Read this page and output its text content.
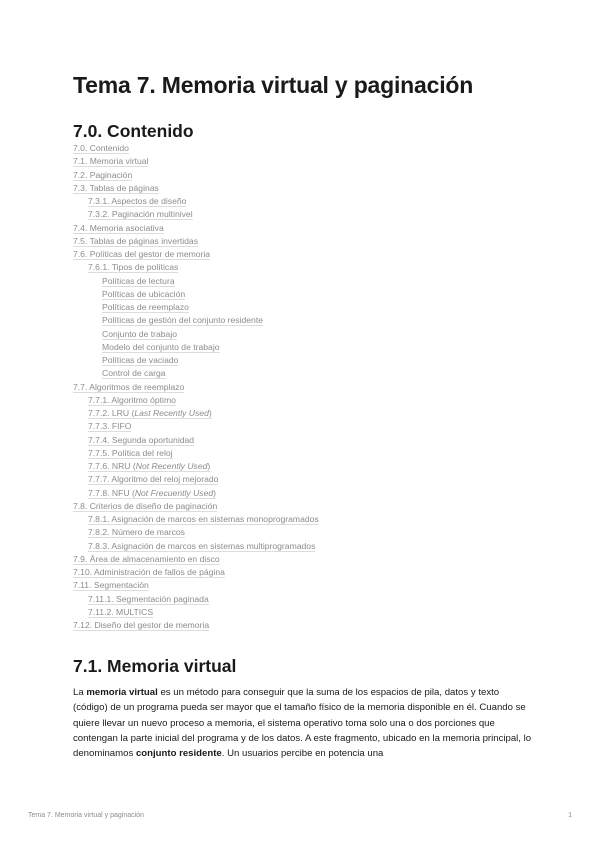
Tema 7. Memoria virtual y paginación
7.0. Contenido
7.0. Contenido
7.1. Memoria virtual
7.2. Paginación
7.3. Tablas de páginas
7.3.1. Aspectos de diseño
7.3.2. Paginación multinivel
7.4. Memoria asociativa
7.5. Tablas de páginas invertidas
7.6. Políticas del gestor de memoria
7.6.1. Tipos de políticas
Políticas de lectura
Políticas de ubicación
Políticas de reemplazo
Políticas de gestión del conjunto residente
Conjunto de trabajo
Modelo del conjunto de trabajo
Políticas de vaciado
Control de carga
7.7. Algoritmos de reemplazo
7.7.1. Algoritmo óptimo
7.7.2. LRU (Last Recently Used)
7.7.3. FIFO
7.7.4. Segunda oportunidad
7.7.5. Política del reloj
7.7.6. NRU (Not Recently Used)
7.7.7. Algoritmo del reloj mejorado
7.7.8. NFU (Not Frecuently Used)
7.8. Criterios de diseño de paginación
7.8.1. Asignación de marcos en sistemas monoprogramados
7.8.2. Número de marcos
7.8.3. Asignación de marcos en sistemas multiprogramados
7.9. Área de almacenamiento en disco
7.10. Administración de fallos de página
7.11. Segmentación
7.11.1. Segmentación paginada
7.11.2. MULTICS
7.12. Diseño del gestor de memoria
7.1. Memoria virtual

La memoria virtual es un método para conseguir que la suma de los espacios de pila, datos y texto (código) de un programa pueda ser mayor que el tamaño físico de la memoria disponible en él. Cuando se quiere llevar un nuevo proceso a memoria, el sistema operativo toma solo una o dos porciones que contengan la parte inicial del programa y de los datos. A este fragmento, ubicado en la memoria principal, lo denominamos conjunto residente. Un usuarios percibe en potencia una

Tema 7. Memoria virtual y paginación	1
